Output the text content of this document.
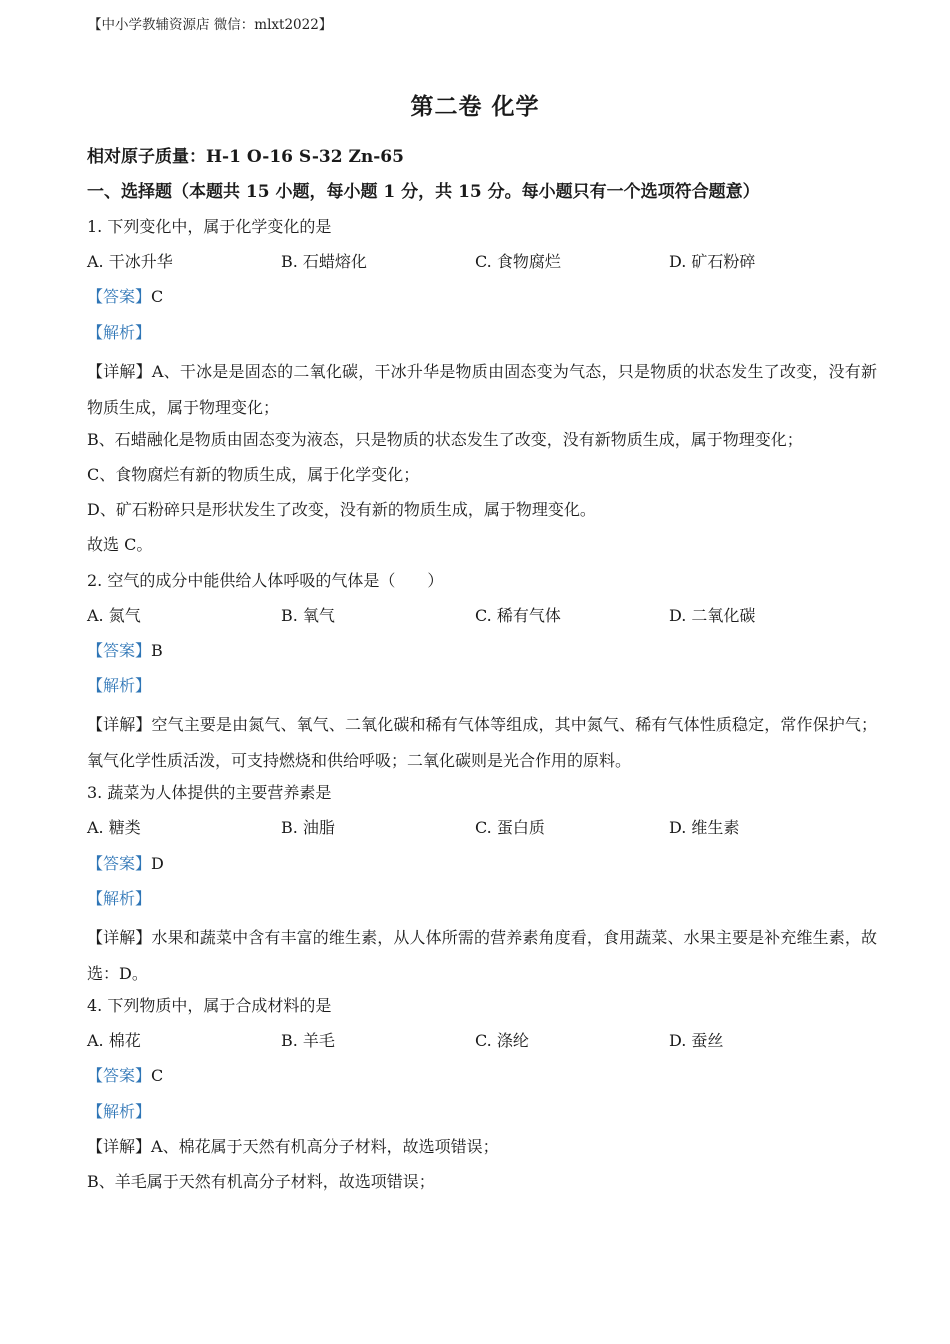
【中小学教辅资源店 微信：mlxt2022】
第二卷 化学
相对原子质量：H-1 O-16 S-32 Zn-65
一、选择题（本题共 15 小题，每小题 1 分，共 15 分。每小题只有一个选项符合题意）
1. 下列变化中，属于化学变化的是
A. 干冰升华	B. 石蜡熔化	C. 食物腐烂	D. 矿石粉碎
【答案】C
【解析】
【详解】A、干冰是是固态的二氧化碳，干冰升华是物质由固态变为气态，只是物质的状态发生了改变，没有新物质生成，属于物理变化；
B、石蜡融化是物质由固态变为液态，只是物质的状态发生了改变，没有新物质生成，属于物理变化；
C、食物腐烂有新的物质生成，属于化学变化；
D、矿石粉碎只是形状发生了改变，没有新的物质生成，属于物理变化。
故选 C。
2. 空气的成分中能供给人体呼吸的气体是（　　）
A. 氮气	B. 氧气	C. 稀有气体	D. 二氧化碳
【答案】B
【解析】
【详解】空气主要是由氮气、氧气、二氧化碳和稀有气体等组成，其中氮气、稀有气体性质稳定，常作保护气；氧气化学性质活泼，可支持燃烧和供给呼吸；二氧化碳则是光合作用的原料。
3. 蔬菜为人体提供的主要营养素是
A. 糖类	B. 油脂	C. 蛋白质	D. 维生素
【答案】D
【解析】
【详解】水果和蔬菜中含有丰富的维生素，从人体所需的营养素角度看，食用蔬菜、水果主要是补充维生素，故选：D。
4. 下列物质中，属于合成材料的是
A. 棉花	B. 羊毛	C. 涤纶	D. 蚕丝
【答案】C
【解析】
【详解】A、棉花属于天然有机高分子材料，故选项错误；
B、羊毛属于天然有机高分子材料，故选项错误；
